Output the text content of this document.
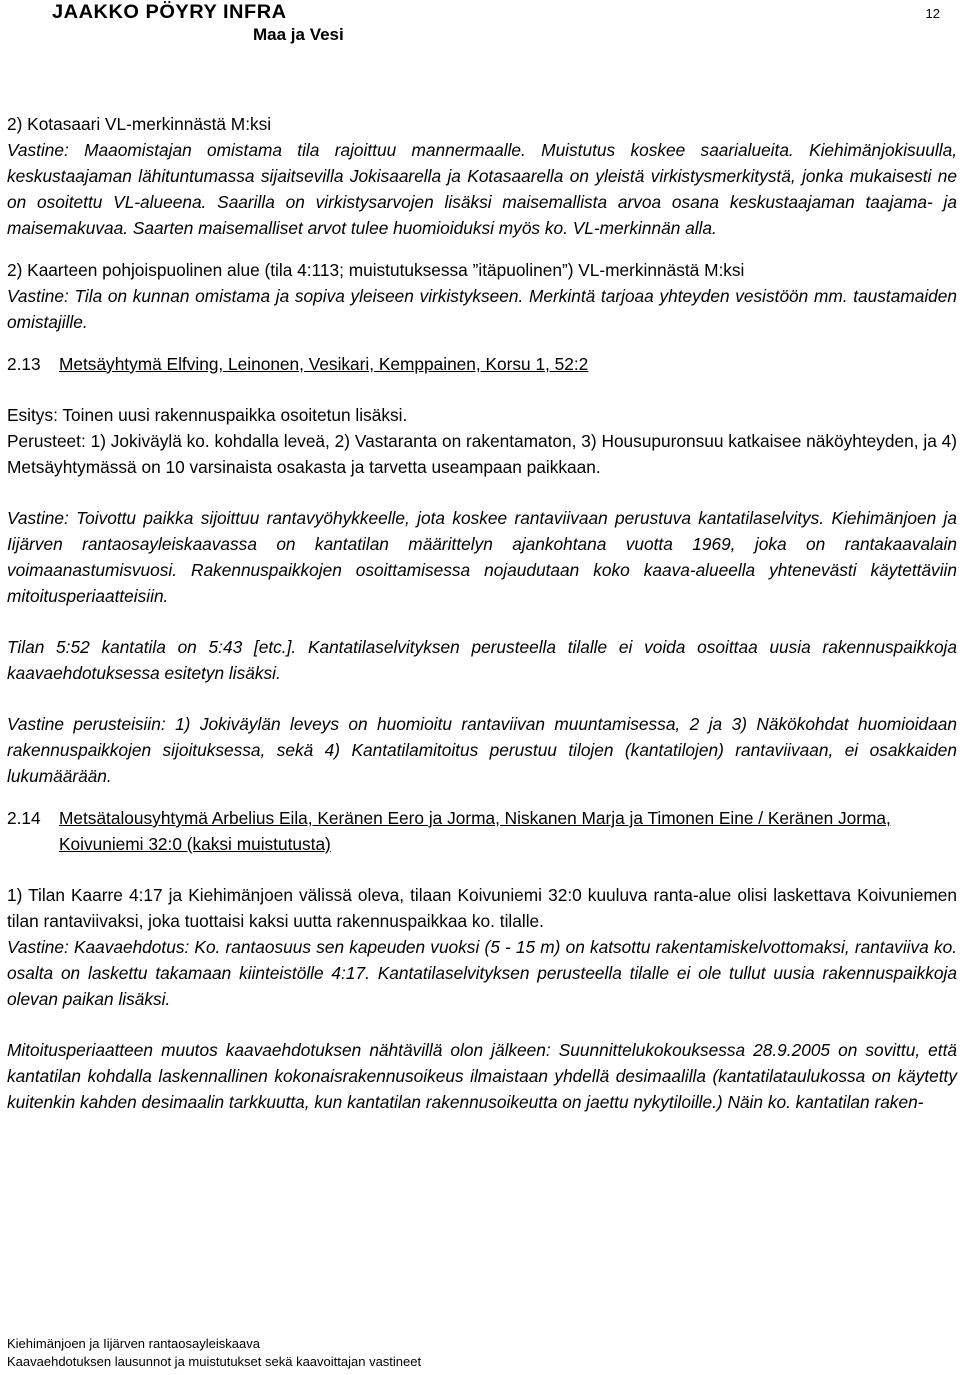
JAAKKO PÖYRY INFRA
Maa ja Vesi
12

2) Kotasaari VL-merkinnästä M:ksi

Vastine: Maaomistajan omistama tila rajoittuu mannermaalle. Muistutus koskee saarialueita. Kiehimänjokisuulla, keskustaajaman lähituntumassa sijaitsevilla Jokisaarella ja Kotasaarella on yleistä virkistysmerkitystä, jonka mukaisesti ne on osoitettu VL-alueena. Saarilla on virkistysarvojen lisäksi maisemallista arvoa osana keskustaajaman taajama- ja maisemakuvaa. Saarten maisemalliset arvot tulee huomioiduksi myös ko. VL-merkinnän alla.

2) Kaarteen pohjoispuolinen alue (tila 4:113; muistutuksessa ”itäpuolinen”) VL-merkinnästä M:ksi

Vastine: Tila on kunnan omistama ja sopiva yleiseen virkistykseen. Merkintä tarjoaa yhteyden vesistöön mm. taustamaiden omistajille.

2.13	Metsäyhtymä Elfving, Leinonen, Vesikari, Kemppainen, Korsu 1, 52:2

Esitys: Toinen uusi rakennuspaikka osoitetun lisäksi.

Perusteet: 1) Jokiväylä ko. kohdalla leveä, 2) Vastaranta on rakentamaton, 3) Housupuronsuu katkaisee näköyhteyden, ja 4) Metsäyhtymässä on 10 varsinaista osakasta ja tarvetta useampaan paikkaan.

Vastine: Toivottu paikka sijoittuu rantavyöhykkeelle, jota koskee rantaviivaan perustuva kantatilaselvitys. Kiehimänjoen ja Iijärven rantaosayleiskaavassa on kantatilan määrittelyn ajankohtana vuotta 1969, joka on rantakaavalain voimaanastumisvuosi. Rakennuspaikkojen osoittamisessa nojaudutaan koko kaava-alueella yhtenevästi käytettäviin mitoitusperiaatteisiin.

Tilan 5:52 kantatila on 5:43 [etc.]. Kantatilaselvityksen perusteella tilalle ei voida osoittaa uusia rakennuspaikkoja kaavaehdotuksessa esitetyn lisäksi.

Vastine perusteisiin: 1) Jokiväylän leveys on huomioitu rantaviivan muuntamisessa, 2 ja 3) Näkökohdat huomioidaan rakennuspaikkojen sijoituksessa, sekä 4) Kantatilamitoitus perustuu tilojen (kantatilojen) rantaviivaan, ei osakkaiden lukumäärään.

2.14	Metsätalousyhtymä Arbelius Eila, Keränen Eero ja Jorma, Niskanen Marja ja Timonen Eine / Keränen Jorma, Koivuniemi 32:0 (kaksi muistutusta)

1) Tilan Kaarre 4:17 ja Kiehimänjoen välissä oleva, tilaan Koivuniemi 32:0 kuuluva ranta-alue olisi laskettava Koivuniemen tilan rantaviivaksi, joka tuottaisi kaksi uutta rakennuspaikkaa ko. tilalle.

Vastine: Kaavaehdotus: Ko. rantaosuus sen kapeuden vuoksi (5 - 15 m) on katsottu rakentamiskelvottomaksi, rantaviiva ko. osalta on laskettu takamaan kiinteistölle 4:17. Kantatilaselvityksen perusteella tilalle ei ole tullut uusia rakennuspaikkoja olevan paikan lisäksi.

Mitoitusperiaatteen muutos kaavaehdotuksen nähtävillä olon jälkeen: Suunnittelukokouksessa 28.9.2005 on sovittu, että kantatilan kohdalla laskennallinen kokonaisrakennusoikeus ilmaistaan yhdellä desimaalilla (kantatilataulukossa on käytetty kuitenkin kahden desimaalin tarkkuutta, kun kantatilan rakennusoikeutta on jaettu nykytiloille.) Näin ko. kantatilan raken-

Kiehimänjoen ja Iijärven rantaosayleiskaava
Kaavaehdotuksen lausunnot ja muistutukset sekä kaavoittajan vastineet
